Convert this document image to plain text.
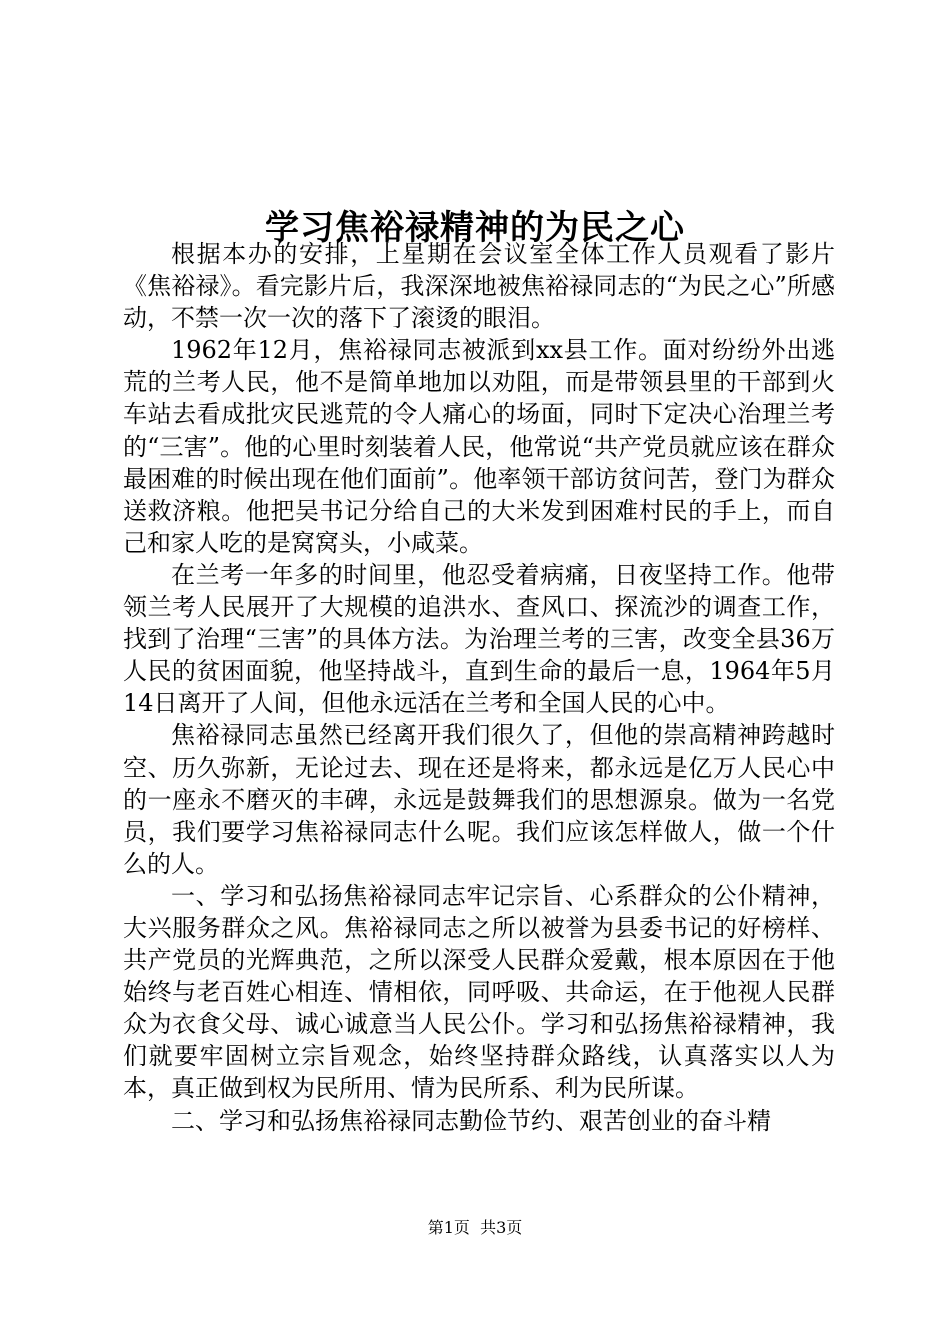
学习焦裕禄精神的为民之心

根据本办的安排，上星期在会议室全体工作人员观看了影片《焦裕禄》。看完影片后，我深深地被焦裕禄同志的“为民之心”所感动，不禁一次一次的落下了滚烫的眼泪。

1962年12月，焦裕禄同志被派到xx县工作。面对纷纷外出逃荒的兰考人民，他不是简单地加以劝阻，而是带领县里的干部到火车站去看成批灾民逃荒的令人痛心的场面，同时下定决心治理兰考的“三害”。他的心里时刻装着人民，他常说“共产党员就应该在群众最困难的时候出现在他们面前”。他率领干部访贫问苦，登门为群众送救济粮。他把吴书记分给自己的大米发到困难村民的手上，而自己和家人吃的是窝窝头，小咸菜。

在兰考一年多的时间里，他忍受着病痛，日夜坚持工作。他带领兰考人民展开了大规模的追洪水、查风口、探流沙的调查工作，找到了治理“三害”的具体方法。为治理兰考的三害，改变全县36万人民的贫困面貌，他坚持战斗，直到生命的最后一息，1964年5月14日离开了人间，但他永远活在兰考和全国人民的心中。

焦裕禄同志虽然已经离开我们很久了，但他的崇高精神跨越时空、历久弥新，无论过去、现在还是将来，都永远是亿万人民心中的一座永不磨灭的丰碑，永远是鼓舞我们的思想源泉。做为一名党员，我们要学习焦裕禄同志什么呢。我们应该怎样做人，做一个什么的人。

一、学习和弘扬焦裕禄同志牢记宗旨、心系群众的公仆精神，大兴服务群众之风。焦裕禄同志之所以被誉为县委书记的好榜样、共产党员的光辉典范，之所以深受人民群众爱戴，根本原因在于他始终与老百姓心相连、情相依，同呼吸、共命运，在于他视人民群众为衣食父母、诚心诚意当人民公仆。学习和弘扬焦裕禄精神，我们就要牢固树立宗旨观念，始终坚持群众路线，认真落实以人为本，真正做到权为民所用、情为民所系、利为民所谋。

二、学习和弘扬焦裕禄同志勤俭节约、艰苦创业的奋斗精

第1页 共3页
